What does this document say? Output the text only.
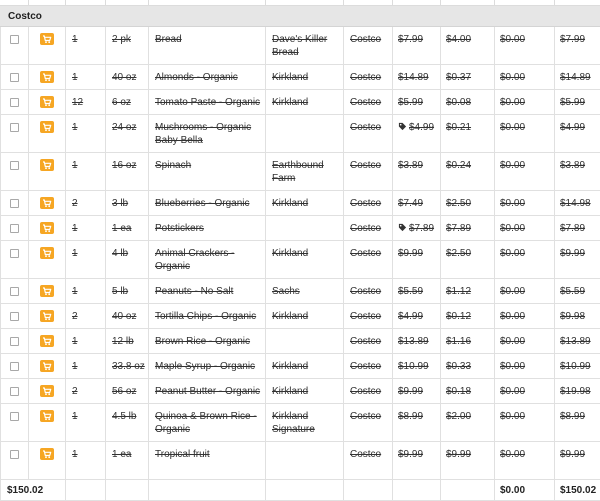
Costco

1	2 pk	Bread	Dave's Killer Bread	Costco	$7.99	$4.00	$0.00	$7.99

1	40 oz	Almonds - Organic	Kirkland	Costco	$14.89	$0.37	$0.00	$14.89

12	6 oz	Tomato Paste - Organic	Kirkland	Costco	$5.99	$0.08	$0.00	$5.99

1	24 oz	Mushrooms - Organic Baby Bella		Costco	$4.99	$0.21	$0.00	$4.99

1	16 oz	Spinach	Earthbound Farm	Costco	$3.89	$0.24	$0.00	$3.89

2	3 lb	Blueberries - Organic	Kirkland	Costco	$7.49	$2.50	$0.00	$14.98

1	1 ea	Potstickers		Costco	$7.89	$7.89	$0.00	$7.89

1	4 lb	Animal Crackers - Organic	Kirkland	Costco	$9.99	$2.50	$0.00	$9.99

1	5 lb	Peanuts - No Salt	Sachs	Costco	$5.59	$1.12	$0.00	$5.59

2	40 oz	Tortilla Chips - Organic	Kirkland	Costco	$4.99	$0.12	$0.00	$9.98

1	12 lb	Brown Rice - Organic		Costco	$13.89	$1.16	$0.00	$13.89

1	33.8 oz	Maple Syrup - Organic	Kirkland	Costco	$10.99	$0.33	$0.00	$10.99

2	56 oz	Peanut Butter - Organic	Kirkland	Costco	$9.99	$0.18	$0.00	$19.98

1	4.5 lb	Quinoa & Brown Rice - Organic	Kirkland Signature	Costco	$8.99	$2.00	$0.00	$8.99

1	1 ea	Tropical fruit		Costco	$9.99	$9.99	$0.00	$9.99

$150.02									$0.00	$150.02
